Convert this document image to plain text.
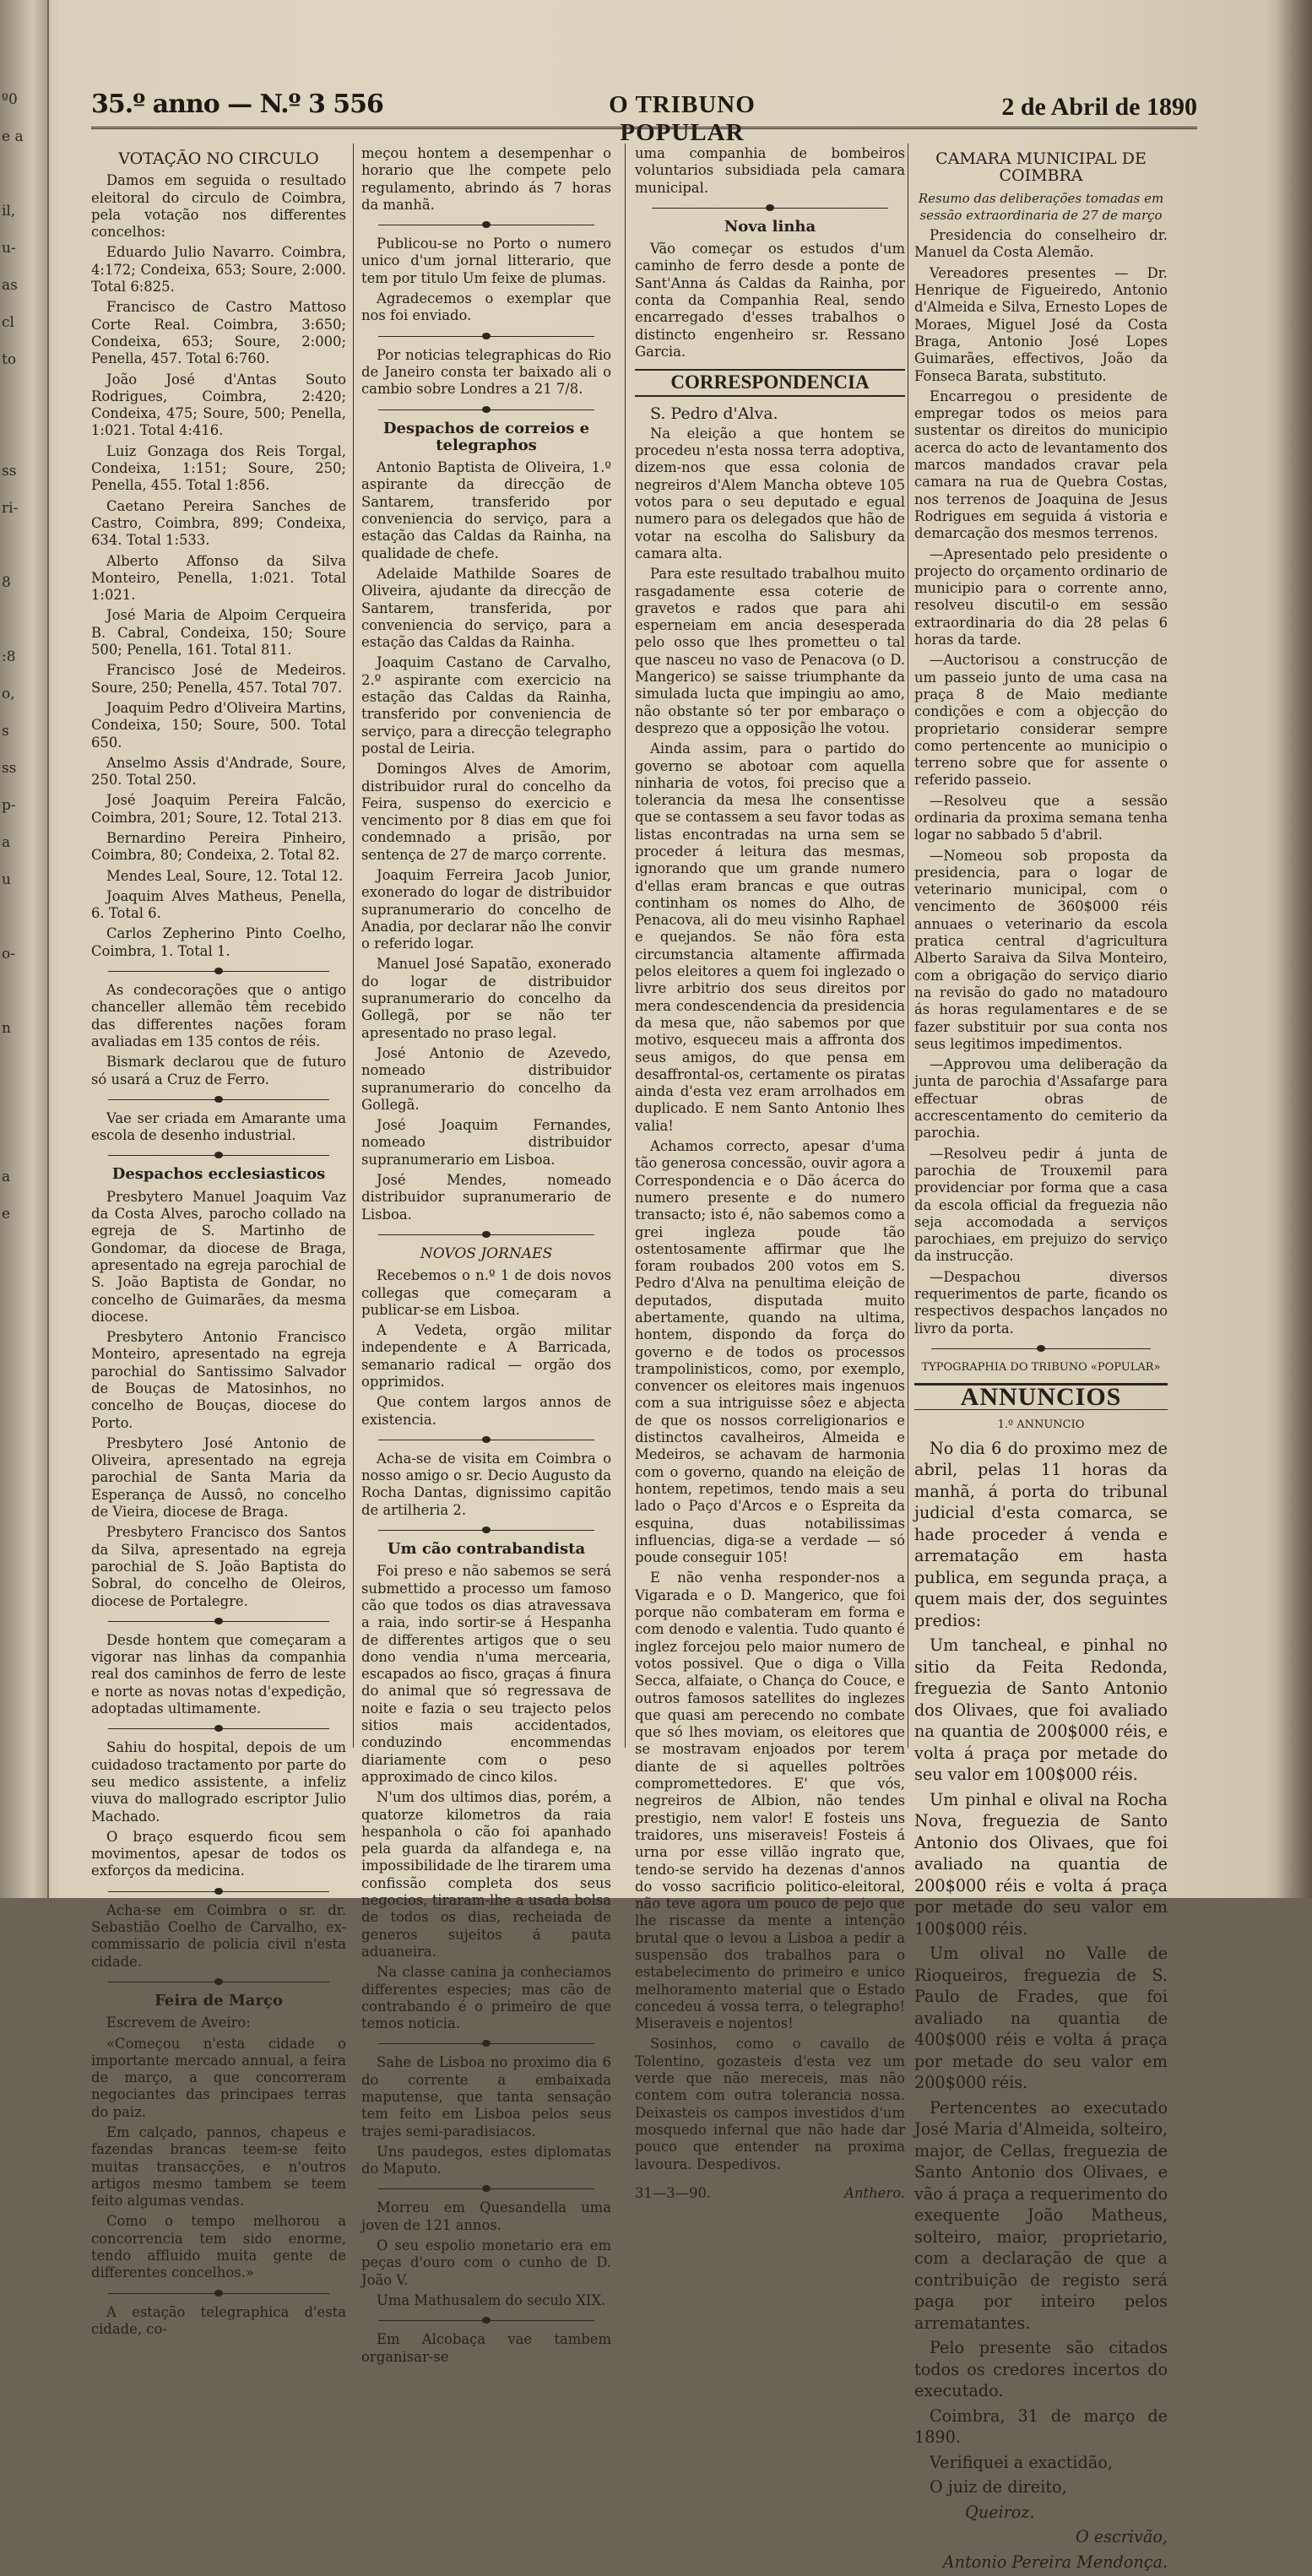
º0
e a
il,
u-
as
cl
to
ss
ri-
8
:8
o,
s
ss
p-
a
u
o-
n
a
e
35.º anno — N.º 3 556	O TRIBUNO POPULAR
2 de Abril de 1890
VOTAÇÃO NO CIRCULO

Damos em seguida o resultado eleitoral do circulo de Coimbra, pela votação nos differentes concelhos:

Eduardo Julio Navarro. Coimbra, 4:172; Condeixa, 653; Soure, 2:000. Total 6:825.

Francisco de Castro Mattoso Corte Real. Coimbra, 3:650; Condeixa, 653; Soure, 2:000; Penella, 457. Total 6:760.

João José d'Antas Souto Rodrigues, Coimbra, 2:420; Condeixa, 475; Soure, 500; Penella, 1:021. Total 4:416.

Luiz Gonzaga dos Reis Torgal, Condeixa, 1:151; Soure, 250; Penella, 455. Total 1:856.

Caetano Pereira Sanches de Castro, Coimbra, 899; Condeixa, 634. Total 1:533.

Alberto Affonso da Silva Monteiro, Penella, 1:021. Total 1:021.

José Maria de Alpoim Cerqueira B. Cabral, Condeixa, 150; Soure 500; Penella, 161. Total 811.

Francisco José de Medeiros. Soure, 250; Penella, 457. Total 707.

Joaquim Pedro d'Oliveira Martins, Condeixa, 150; Soure, 500. Total 650.

Anselmo Assis d'Andrade, Soure, 250. Total 250.

José Joaquim Pereira Falcão, Coimbra, 201; Soure, 12. Total 213.

Bernardino Pereira Pinheiro, Coimbra, 80; Condeixa, 2. Total 82.

Mendes Leal, Soure, 12. Total 12.

Joaquim Alves Matheus, Penella, 6. Total 6.

Carlos Zepherino Pinto Coelho, Coimbra, 1. Total 1.

As condecorações que o antigo chanceller allemão têm recebido das differentes nações foram avaliadas em 135 contos de réis.

Bismark declarou que de futuro só usará a Cruz de Ferro.

Vae ser criada em Amarante uma escola de desenho industrial.

Despachos ecclesiasticos

Presbytero Manuel Joaquim Vaz da Costa Alves, parocho collado na egreja de S. Martinho de Gondomar, da diocese de Braga, apresentado na egreja parochial de S. João Baptista de Gondar, no concelho de Guimarães, da mesma diocese.

Presbytero Antonio Francisco Monteiro, apresentado na egreja parochial do Santissimo Salvador de Bouças de Matosinhos, no concelho de Bouças, diocese do Porto.

Presbytero José Antonio de Oliveira, apresentado na egreja parochial de Santa Maria da Esperança de Aussô, no concelho de Vieira, diocese de Braga.

Presbytero Francisco dos Santos da Silva, apresentado na egreja parochial de S. João Baptista do Sobral, do concelho de Oleiros, diocese de Portalegre.

Desde hontem que começaram a vigorar nas linhas da companhia real dos caminhos de ferro de leste e norte as novas notas d'expedição, adoptadas ultimamente.

Sahiu do hospital, depois de um cuidadoso tractamento por parte do seu medico assistente, a infeliz viuva do mallogrado escriptor Julio Machado.

O braço esquerdo ficou sem movimentos, apesar de todos os exforços da medicina.

Acha-se em Coimbra o sr. dr. Sebastião Coelho de Carvalho, ex-commissario de policia civil n'esta cidade.

Feira de Março

Escrevem de Aveiro:

«Começou n'esta cidade o importante mercado annual, a feira de março, a que concorreram negociantes das principaes terras do paiz.

Em calçado, pannos, chapeus e fazendas brancas teem-se feito muitas transacções, e n'outros artigos mesmo tambem se teem feito algumas vendas.

Como o tempo melhorou a concorrencia tem sido enorme, tendo affluido muita gente de differentes concelhos.»

A estação telegraphica d'esta cidade, co-

meçou hontem a desempenhar o horario que lhe compete pelo regulamento, abrindo ás 7 horas da manhã.

Publicou-se no Porto o numero unico d'um jornal litterario, que tem por titulo Um feixe de plumas.

Agradecemos o exemplar que nos foi enviado.

Por noticias telegraphicas do Rio de Janeiro consta ter baixado ali o cambio sobre Londres a 21 7/8.

Despachos de correios e telegraphos

Antonio Baptista de Oliveira, 1.º aspirante da direcção de Santarem, transferido por conveniencia do serviço, para a estação das Caldas da Rainha, na qualidade de chefe.

Adelaide Mathilde Soares de Oliveira, ajudante da direcção de Santarem, transferida, por conveniencia do serviço, para a estação das Caldas da Rainha.

Joaquim Castano de Carvalho, 2.º aspirante com exercicio na estação das Caldas da Rainha, transferido por conveniencia de serviço, para a direcção telegrapho postal de Leiria.

Domingos Alves de Amorim, distribuidor rural do concelho da Feira, suspenso do exercicio e vencimento por 8 dias em que foi condemnado a prisão, por sentença de 27 de março corrente.

Joaquim Ferreira Jacob Junior, exonerado do logar de distribuidor supranumerario do concelho de Anadia, por declarar não lhe convir o referido logar.

Manuel José Sapatão, exonerado do logar de distribuidor supranumerario do concelho da Gollegã, por se não ter apresentado no praso legal.

José Antonio de Azevedo, nomeado distribuidor supranumerario do concelho da Gollegã.

José Joaquim Fernandes, nomeado distribuidor supranumerario em Lisboa.

José Mendes, nomeado distribuidor supranumerario de Lisboa.

NOVOS JORNAES

Recebemos o n.º 1 de dois novos collegas que começaram a publicar-se em Lisboa.

A Vedeta, orgão militar independente e A Barricada, semanario radical — orgão dos opprimidos.

Que contem largos annos de existencia.

Acha-se de visita em Coimbra o nosso amigo o sr. Decio Augusto da Rocha Dantas, dignissimo capitão de artilheria 2.

Um cão contrabandista

Foi preso e não sabemos se será submettido a processo um famoso cão que todos os dias atravessava a raia, indo sortir-se á Hespanha de differentes artigos que o seu dono vendia n'uma mercearia, escapados ao fisco, graças á finura do animal que só regressava de noite e fazia o seu trajecto pelos sitios mais accidentados, conduzindo encommendas diariamente com o peso approximado de cinco kilos.

N'um dos ultimos dias, porém, a quatorze kilometros da raia hespanhola o cão foi apanhado pela guarda da alfandega e, na impossibilidade de lhe tirarem uma confissão completa dos seus negocios, tiraram-lhe a usada bolsa de todos os dias, recheiada de generos sujeitos á pauta aduaneira.

Na classe canina ja conheciamos differentes especies; mas cão de contrabando é o primeiro de que temos noticia.

Sahe de Lisboa no proximo dia 6 do corrente a embaixada maputense, que tanta sensação tem feito em Lisboa pelos seus trajes semi-paradisiacos.

Uns paudegos, estes diplomatas do Maputo.

Morreu em Quesandella uma joven de 121 annos.

O seu espolio monetario era em peças d'ouro com o cunho de D. João V.

Uma Mathusalem do seculo XIX.

Em Alcobaça vae tambem organisar-se

uma companhia de bombeiros voluntarios subsidiada pela camara municipal.

Nova linha

Vão começar os estudos d'um caminho de ferro desde a ponte de Sant'Anna ás Caldas da Rainha, por conta da Companhia Real, sendo encarregado d'esses trabalhos o distincto engenheiro sr. Ressano Garcia.

CORRESPONDENCIA

S. Pedro d'Alva.

Na eleição a que hontem se procedeu n'esta nossa terra adoptiva, dizem-nos que essa colonia de negreiros d'Alem Mancha obteve 105 votos para o seu deputado e egual numero para os delegados que hão de votar na escolha do Salisbury da camara alta.

Para este resultado trabalhou muito rasgadamente essa coterie de gravetos e rados que para ahi esperneiam em ancia desesperada pelo osso que lhes prometteu o tal que nasceu no vaso de Penacova (o D. Mangerico) se saisse triumphante da simulada lucta que impingiu ao amo, não obstante só ter por embaraço o desprezo que a opposição lhe votou.

Ainda assim, para o partido do governo se abotoar com aquella ninharia de votos, foi preciso que a tolerancia da mesa lhe consentisse que se contassem a seu favor todas as listas encontradas na urna sem se proceder á leitura das mesmas, ignorando que um grande numero d'ellas eram brancas e que outras continham os nomes do Alho, de Penacova, ali do meu visinho Raphael e quejandos. Se não fôra esta circumstancia altamente affirmada pelos eleitores a quem foi inglezado o livre arbitrio dos seus direitos por mera condescendencia da presidencia da mesa que, não sabemos por que motivo, esqueceu mais a affronta dos seus amigos, do que pensa em desaffrontal-os, certamente os piratas ainda d'esta vez eram arrolhados em duplicado. E nem Santo Antonio lhes valia!

Achamos correcto, apesar d'uma tão generosa concessão, ouvir agora a Correspondencia e o Dão ácerca do numero presente e do numero transacto; isto é, não sabemos como a grei ingleza poude tão ostentosamente affirmar que lhe foram roubados 200 votos em S. Pedro d'Alva na penultima eleição de deputados, disputada muito abertamente, quando na ultima, hontem, dispondo da força do governo e de todos os processos trampolinisticos, como, por exemplo, convencer os eleitores mais ingenuos com a sua intriguisse sôez e abjecta de que os nossos correligionarios e distinctos cavalheiros, Almeida e Medeiros, se achavam de harmonia com o governo, quando na eleição de hontem, repetimos, tendo mais a seu lado o Paço d'Arcos e o Espreita da esquina, duas notabilissimas influencias, diga-se a verdade — só poude conseguir 105!

E não venha responder-nos a Vigarada e o D. Mangerico, que foi porque não combateram em forma e com denodo e valentia. Tudo quanto é inglez forcejou pelo maior numero de votos possivel. Que o diga o Villa Secca, alfaiate, o Chança do Couce, e outros famosos satellites do inglezes que quasi am perecendo no combate que só lhes moviam, os eleitores que se mostravam enjoados por terem diante de si aquelles poltrões compromettedores. E' que vós, negreiros de Albion, não tendes prestigio, nem valor! E fosteis uns traidores, uns miseraveis! Fosteis á urna por esse villão ingrato que, tendo-se servido ha dezenas d'annos do vosso sacrificio politico-eleitoral, não teve agora um pouco de pejo que lhe riscasse da mente a intenção brutal que o levou a Lisboa a pedir a suspensão dos trabalhos para o estabelecimento do primeiro e unico melhoramento material que o Estado concedeu á vossa terra, o telegrapho! Miseraveis e nojentos!

Sosinhos, como o cavallo de Tolentino, gozasteis d'esta vez um verde que não mereceis, mas não contem com outra tolerancia nossa. Deixasteis os campos investidos d'um mosquedo infernal que não hade dar pouco que entender na proxima lavoura. Despedivos.

31—3—90.	Anthero.
CAMARA MUNICIPAL DE COIMBRA
Resumo das deliberações tomadas em sessão extraordinaria de 27 de março

Presidencia do conselheiro dr. Manuel da Costa Alemão.

Vereadores presentes — Dr. Henrique de Figueiredo, Antonio d'Almeida e Silva, Ernesto Lopes de Moraes, Miguel José da Costa Braga, Antonio José Lopes Guimarães, effectivos, João da Fonseca Barata, substituto.

Encarregou o presidente de empregar todos os meios para sustentar os direitos do municipio acerca do acto de levantamento dos marcos mandados cravar pela camara na rua de Quebra Costas, nos terrenos de Joaquina de Jesus Rodrigues em seguida á vistoria e demarcação dos mesmos terrenos.

—Apresentado pelo presidente o projecto do orçamento ordinario de municipio para o corrente anno, resolveu discutil-o em sessão extraordinaria do dia 28 pelas 6 horas da tarde.

—Auctorisou a construcção de um passeio junto de uma casa na praça 8 de Maio mediante condições e com a objecção do proprietario considerar sempre como pertencente ao municipio o terreno sobre que for assente o referido passeio.

—Resolveu que a sessão ordinaria da proxima semana tenha logar no sabbado 5 d'abril.

—Nomeou sob proposta da presidencia, para o logar de veterinario municipal, com o vencimento de 360$000 réis annuaes o veterinario da escola pratica central d'agricultura Alberto Saraiva da Silva Monteiro, com a obrigação do serviço diario na revisão do gado no matadouro ás horas regulamentares e de se fazer substituir por sua conta nos seus legitimos impedimentos.

—Approvou uma deliberação da junta de parochia d'Assafarge para effectuar obras de accrescentamento do cemiterio da parochia.

—Resolveu pedir á junta de parochia de Trouxemil para providenciar por forma que a casa da escola official da freguezia não seja accomodada a serviços parochiaes, em prejuizo do serviço da instrucção.

—Despachou diversos requerimentos de parte, ficando os respectivos despachos lançados no livro da porta.

TYPOGRAPHIA DO TRIBUNO «POPULAR»
ANNUNCIOS
1.º ANNUNCIO

No dia 6 do proximo mez de abril, pelas 11 horas da manhã, á porta do tribunal judicial d'esta comarca, se hade proceder á venda e arrematação em hasta publica, em segunda praça, a quem mais der, dos seguintes predios:

Um tancheal, e pinhal no sitio da Feita Redonda, freguezia de Santo Antonio dos Olivaes, que foi avaliado na quantia de 200$000 réis, e volta á praça por metade do seu valor em 100$000 réis.

Um pinhal e olival na Rocha Nova, freguezia de Santo Antonio dos Olivaes, que foi avaliado na quantia de 200$000 réis e volta á praça por metade do seu valor em 100$000 réis.

Um olival no Valle de Rioqueiros, freguezia de S. Paulo de Frades, que foi avaliado na quantia de 400$000 réis e volta á praça por metade do seu valor em 200$000 réis.

Pertencentes ao executado José Maria d'Almeida, solteiro, major, de Cellas, freguezia de Santo Antonio dos Olivaes, e vão á praça a requerimento do exequente João Matheus, solteiro, maior, proprietario, com a declaração de que a contribuição de registo será paga por inteiro pelos arrematantes.

Pelo presente são citados todos os credores incertos do executado.

Coimbra, 31 de março de 1890.

Verifiquei a exactidão,

O juiz de direito,

Queiroz.

O escrivão,

Antonio Pereira Mendonça.
